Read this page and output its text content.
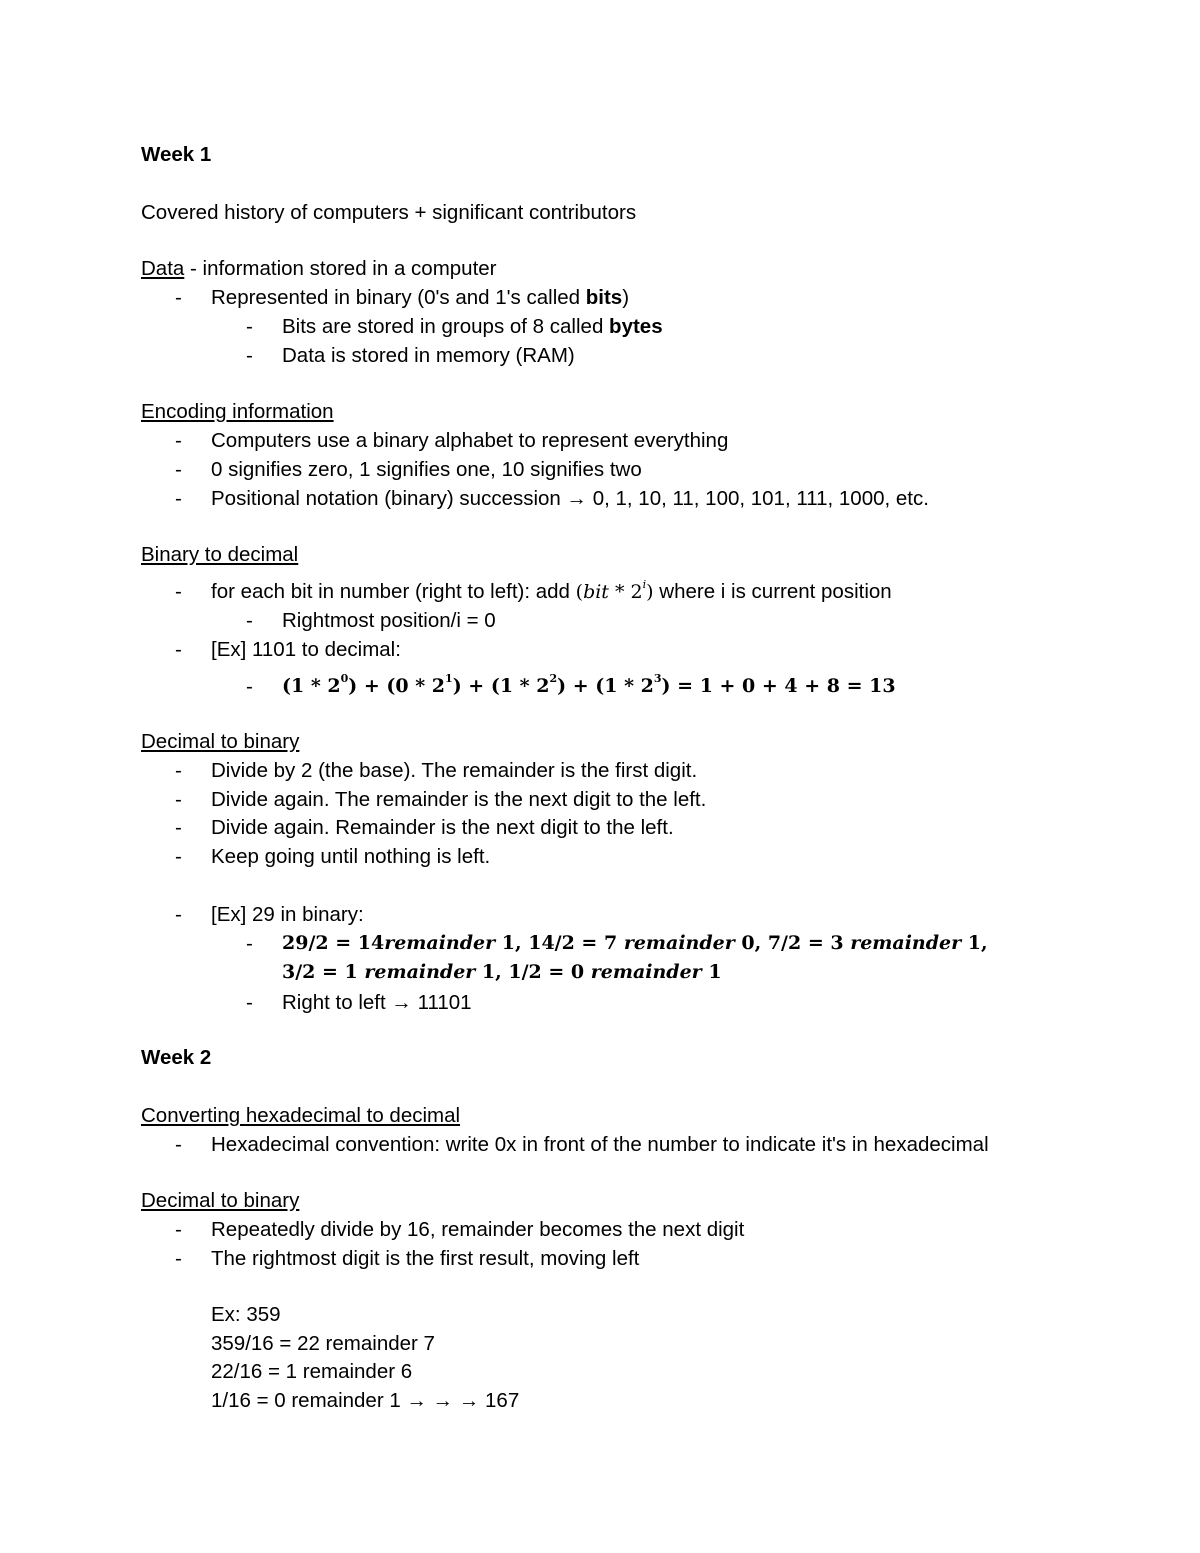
Week 1
Covered history of computers + significant contributors
Data - information stored in a computer
- Represented in binary (0's and 1's called bits)
- Bits are stored in groups of 8 called bytes
- Data is stored in memory (RAM)
Encoding information
- Computers use a binary alphabet to represent everything
- 0 signifies zero, 1 signifies one, 10 signifies two
- Positional notation (binary) succession → 0, 1, 10, 11, 100, 101, 111, 1000, etc.
Binary to decimal
- for each bit in number (right to left): add (bit * 2$^i$) where i is current position
- Rightmost position/i = 0
- [Ex] 1101 to decimal:
- $(1 * 2^0) + (0 * 2^1) + (1 * 2^2) + (1 * 2^3) = 1 + 0 + 4 + 8 = 13$
Decimal to binary
- Divide by 2 (the base). The remainder is the first digit.
- Divide again. The remainder is the next digit to the left.
- Divide again. Remainder is the next digit to the left.
- Keep going until nothing is left.
- [Ex] 29 in binary:
- 29/2 = 14remainder 1, 14/2 = 7 remainder 0, 7/2 = 3 remainder 1,
3/2 = 1 remainder 1, 1/2 = 0 remainder 1
- Right to left → 11101
Week 2
Converting hexadecimal to decimal
- Hexadecimal convention: write 0x in front of the number to indicate it's in hexadecimal
Decimal to binary
- Repeatedly divide by 16, remainder becomes the next digit
- The rightmost digit is the first result, moving left
Ex: 359
359/16 = 22 remainder 7
22/16 = 1 remainder 6
1/16 = 0 remainder 1 → → → 167
